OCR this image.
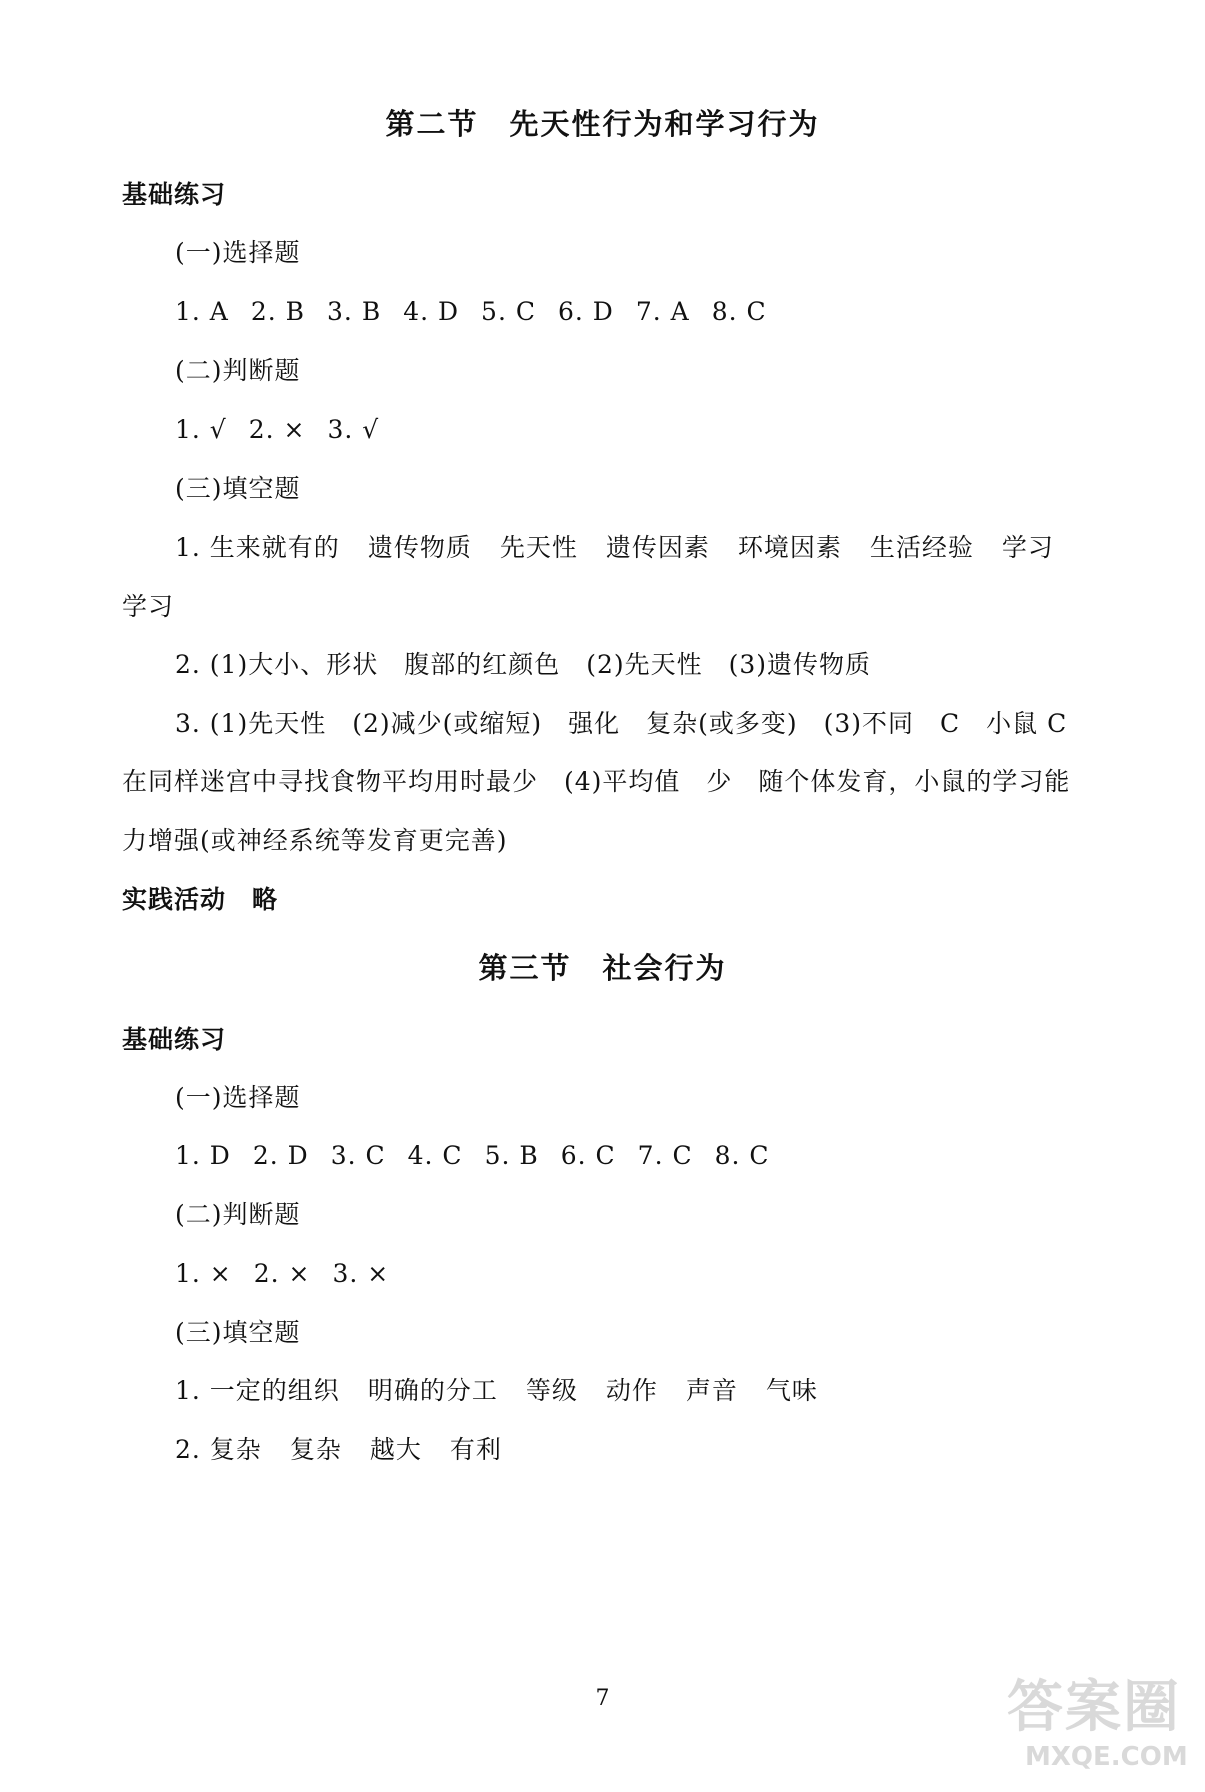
第二节　先天性行为和学习行为
基础练习
(一)选择题
1. A 2. B 3. B 4. D 5. C 6. D 7. A 8. C
(二)判断题
1. √ 2. × 3. √
(三)填空题
1. 生来就有的 遗传物质 先天性 遗传因素 环境因素 生活经验 学习
学习
2. (1)大小、形状　腹部的红颜色　(2)先天性　(3)遗传物质
3. (1)先天性　(2)减少(或缩短)　强化　复杂(或多变)　(3)不同　C　小鼠 C
在同样迷宫中寻找食物平均用时最少　(4)平均值　少　随个体发育，小鼠的学习能
力增强(或神经系统等发育更完善)
实践活动　略
第三节　社会行为
基础练习
(一)选择题
1. D 2. D 3. C 4. C 5. B 6. C 7. C 8. C
(二)判断题
1. × 2. × 3. ×
(三)填空题
1. 一定的组织 明确的分工 等级 动作 声音 气味
2. 复杂 复杂 越大 有利
7	答案圈
MXQE.COM
